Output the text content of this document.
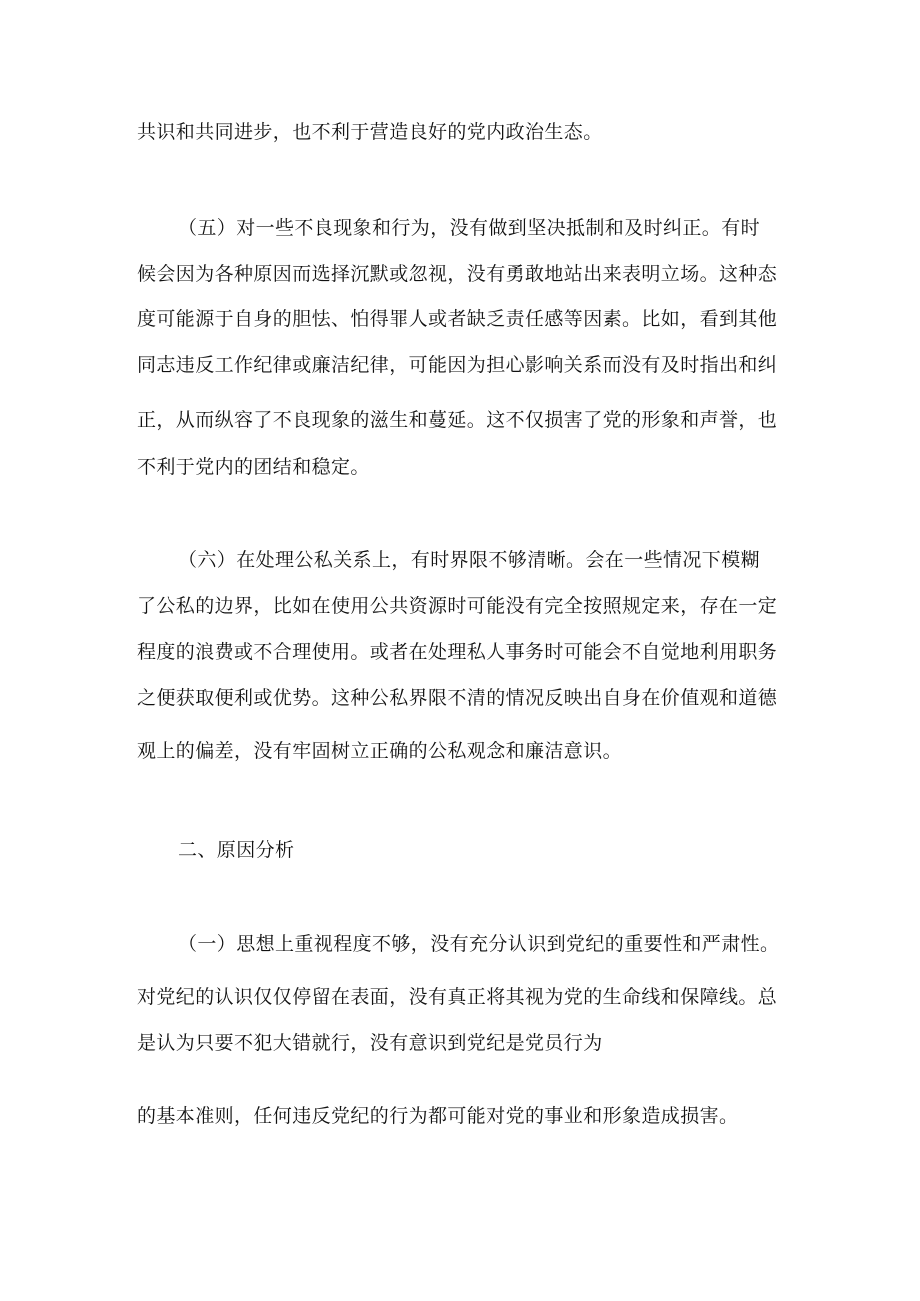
共识和共同进步，也不利于营造良好的党内政治生态。
（五）对一些不良现象和行为，没有做到坚决抵制和及时纠正。有时
候会因为各种原因而选择沉默或忽视，没有勇敢地站出来表明立场。这种态
度可能源于自身的胆怯、怕得罪人或者缺乏责任感等因素。比如，看到其他
同志违反工作纪律或廉洁纪律，可能因为担心影响关系而没有及时指出和纠
正，从而纵容了不良现象的滋生和蔓延。这不仅损害了党的形象和声誉，也
不利于党内的团结和稳定。
（六）在处理公私关系上，有时界限不够清晰。会在一些情况下模糊
了公私的边界，比如在使用公共资源时可能没有完全按照规定来，存在一定
程度的浪费或不合理使用。或者在处理私人事务时可能会不自觉地利用职务
之便获取便利或优势。这种公私界限不清的情况反映出自身在价值观和道德
观上的偏差，没有牢固树立正确的公私观念和廉洁意识。
二、原因分析
（一）思想上重视程度不够，没有充分认识到党纪的重要性和严肃性。
对党纪的认识仅仅停留在表面，没有真正将其视为党的生命线和保障线。总
是认为只要不犯大错就行，没有意识到党纪是党员行为
的基本准则，任何违反党纪的行为都可能对党的事业和形象造成损害。
